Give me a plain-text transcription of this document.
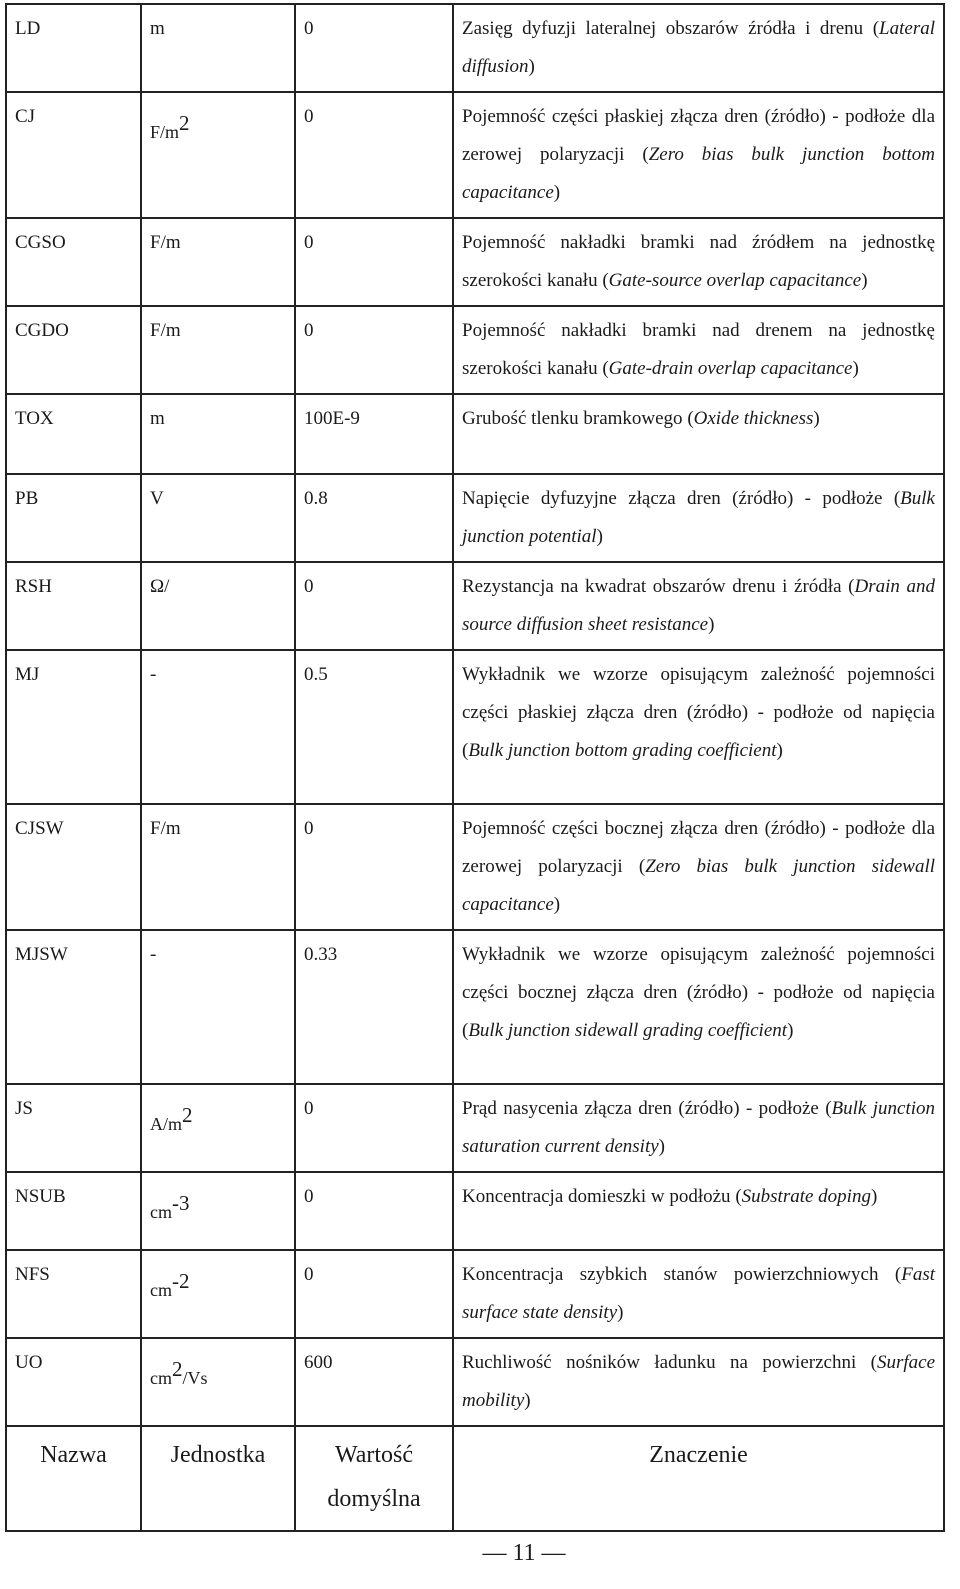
LD	m	0	Zasięg dyfuzji lateralnej obszarów źródła i drenu (Lateral diffusion)
CJ	F/m2	0	Pojemność części płaskiej złącza dren (źródło) - podłoże dla zerowej polaryzacji (Zero bias bulk junction bottom capacitance)
CGSO	F/m	0	Pojemność nakładki bramki nad źródłem na jednostkę szerokości kanału (Gate-source overlap capacitance)
CGDO	F/m	0	Pojemność nakładki bramki nad drenem na jednostkę szerokości kanału (Gate-drain overlap capacitance)
TOX	m	100E-9	Grubość tlenku bramkowego (Oxide thickness)
PB	V	0.8	Napięcie dyfuzyjne złącza dren (źródło) - podłoże (Bulk junction potential)
RSH	Ω/	0	Rezystancja na kwadrat obszarów drenu i źródła (Drain and source diffusion sheet resistance)
MJ	-	0.5	Wykładnik we wzorze opisującym zależność pojemności części płaskiej złącza dren (źródło) - podłoże od napięcia (Bulk junction bottom grading coefficient)
CJSW	F/m	0	Pojemność części bocznej złącza dren (źródło) - podłoże dla zerowej polaryzacji (Zero bias bulk junction sidewall capacitance)
MJSW	-	0.33	Wykładnik we wzorze opisującym zależność pojemności części bocznej złącza dren (źródło) - podłoże od napięcia (Bulk junction sidewall grading coefficient)
JS	A/m2	0	Prąd nasycenia złącza dren (źródło) - podłoże (Bulk junction saturation current density)
NSUB	cm-3	0	Koncentracja domieszki w podłożu (Substrate doping)
NFS	cm-2	0	Koncentracja szybkich stanów powierzchniowych (Fast surface state density)
UO	cm2/Vs	600	Ruchliwość nośników ładunku na powierzchni (Surface mobility)
Nazwa	Jednostka	Wartość domyślna	Znaczenie
— 11 —
